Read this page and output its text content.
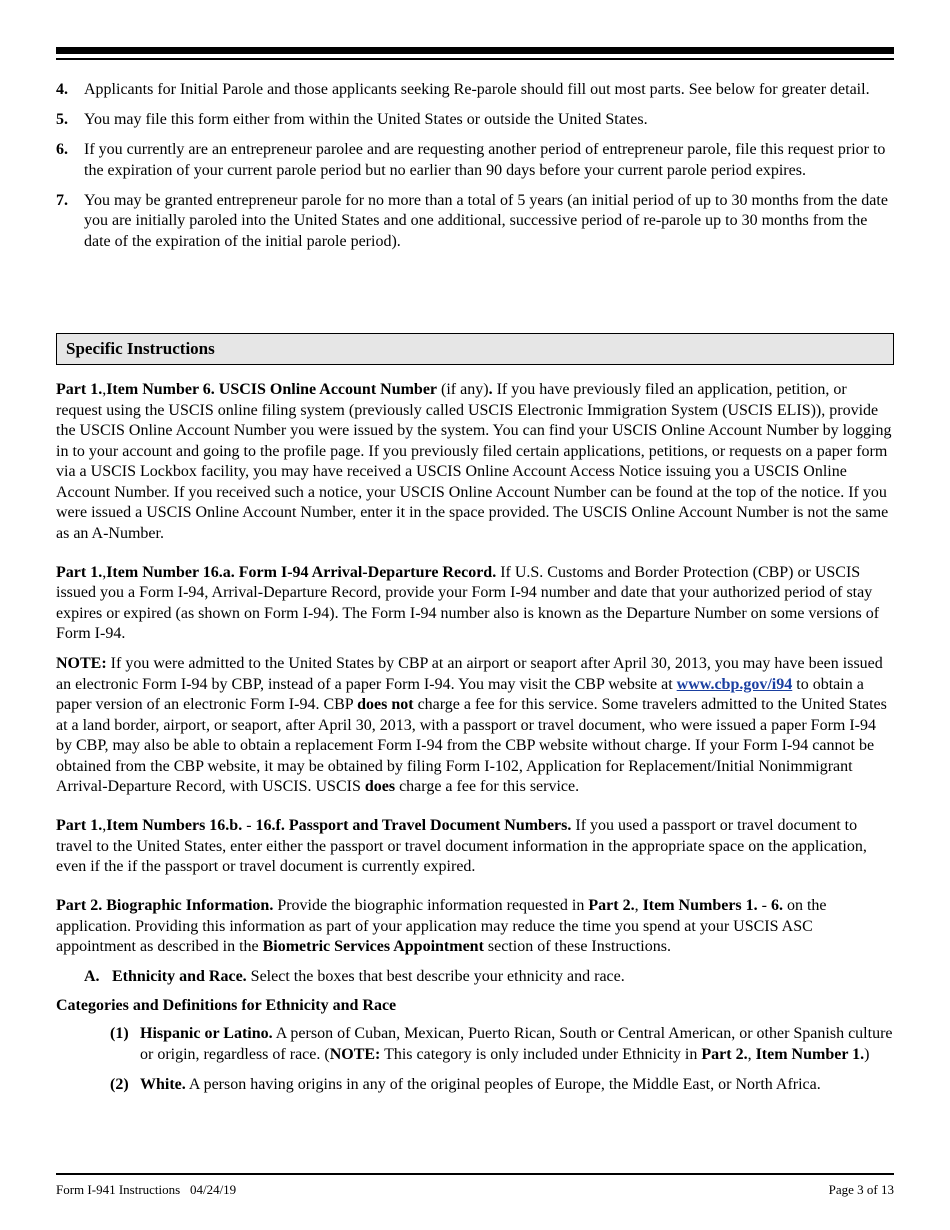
4.	Applicants for Initial Parole and those applicants seeking Re-parole should fill out most parts. See below for greater detail.
5.	You may file this form either from within the United States or outside the United States.
6.	If you currently are an entrepreneur parolee and are requesting another period of entrepreneur parole, file this request prior to the expiration of your current parole period but no earlier than 90 days before your current parole period expires.
7.	You may be granted entrepreneur parole for no more than a total of 5 years (an initial period of up to 30 months from the date you are initially paroled into the United States and one additional, successive period of re-parole up to 30 months from the date of the expiration of the initial parole period).
Specific Instructions

Part 1.,Item Number 6. USCIS Online Account Number (if any). If you have previously filed an application, petition, or request using the USCIS online filing system (previously called USCIS Electronic Immigration System (USCIS ELIS)), provide the USCIS Online Account Number you were issued by the system. You can find your USCIS Online Account Number by logging in to your account and going to the profile page. If you previously filed certain applications, petitions, or requests on a paper form via a USCIS Lockbox facility, you may have received a USCIS Online Account Access Notice issuing you a USCIS Online Account Number. If you received such a notice, your USCIS Online Account Number can be found at the top of the notice. If you were issued a USCIS Online Account Number, enter it in the space provided. The USCIS Online Account Number is not the same as an A-Number.

Part 1.,Item Number 16.a. Form I-94 Arrival-Departure Record. If U.S. Customs and Border Protection (CBP) or USCIS issued you a Form I-94, Arrival-Departure Record, provide your Form I-94 number and date that your authorized period of stay expires or expired (as shown on Form I-94). The Form I-94 number also is known as the Departure Number on some versions of Form I-94.

NOTE: If you were admitted to the United States by CBP at an airport or seaport after April 30, 2013, you may have been issued an electronic Form I-94 by CBP, instead of a paper Form I-94. You may visit the CBP website at www.cbp.gov/i94 to obtain a paper version of an electronic Form I-94. CBP does not charge a fee for this service. Some travelers admitted to the United States at a land border, airport, or seaport, after April 30, 2013, with a passport or travel document, who were issued a paper Form I-94 by CBP, may also be able to obtain a replacement Form I-94 from the CBP website without charge. If your Form I-94 cannot be obtained from the CBP website, it may be obtained by filing Form I-102, Application for Replacement/Initial Nonimmigrant Arrival-Departure Record, with USCIS. USCIS does charge a fee for this service.

Part 1.,Item Numbers 16.b. - 16.f. Passport and Travel Document Numbers. If you used a passport or travel document to travel to the United States, enter either the passport or travel document information in the appropriate space on the application, even if the if the passport or travel document is currently expired.

Part 2. Biographic Information. Provide the biographic information requested in Part 2., Item Numbers 1. - 6. on the application. Providing this information as part of your application may reduce the time you spend at your USCIS ASC appointment as described in the Biometric Services Appointment section of these Instructions.

A. Ethnicity and Race. Select the boxes that best describe your ethnicity and race.

Categories and Definitions for Ethnicity and Race

(1) Hispanic or Latino. A person of Cuban, Mexican, Puerto Rican, South or Central American, or other Spanish culture or origin, regardless of race. (NOTE: This category is only included under Ethnicity in Part 2., Item Number 1.)
(2) White. A person having origins in any of the original peoples of Europe, the Middle East, or North Africa.
Form I-941 Instructions   04/24/19	Page 3 of 13
